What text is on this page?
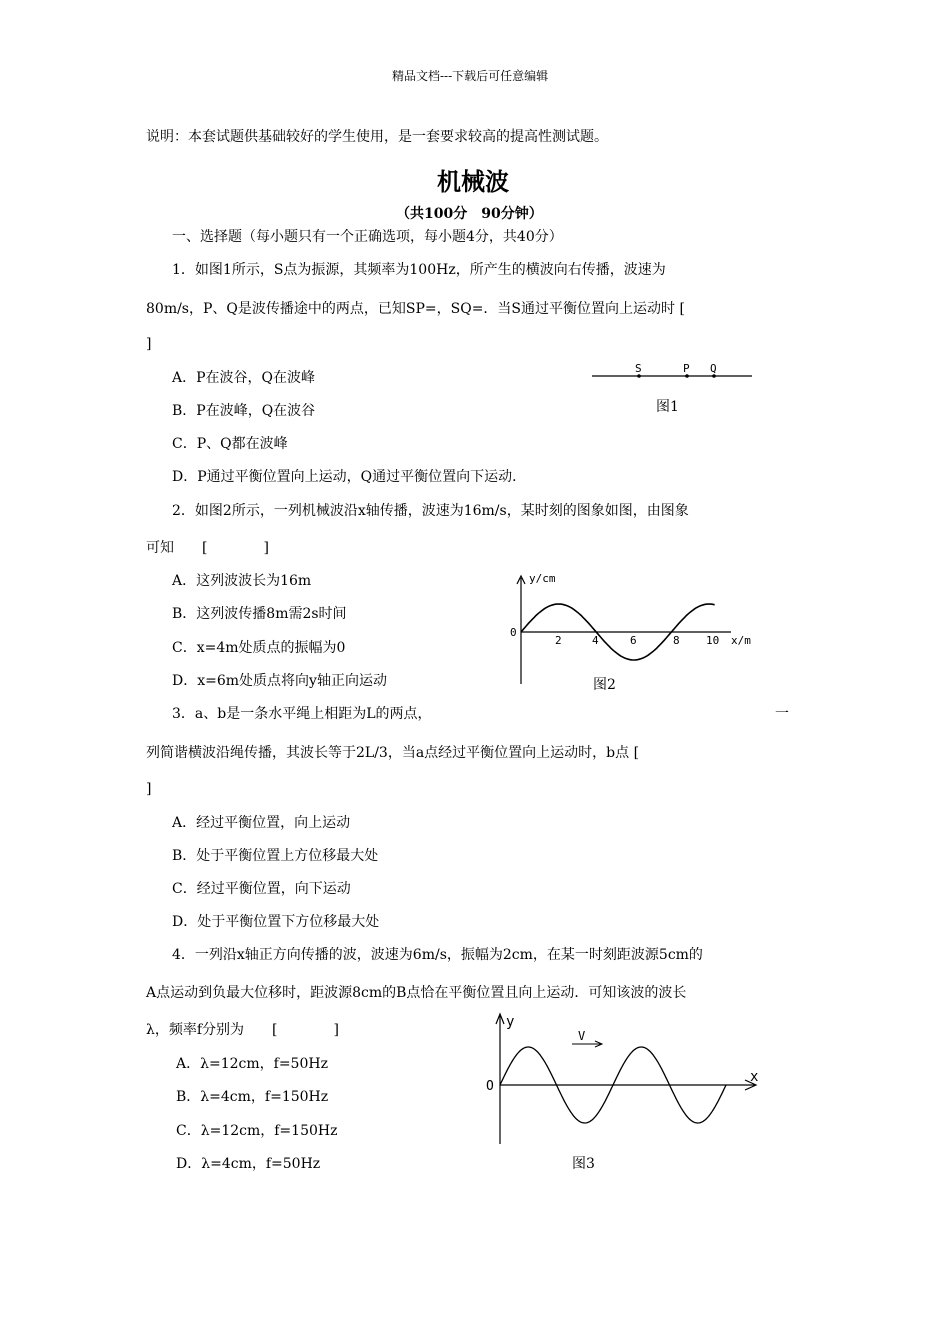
精品文档---下载后可任意编辑
说明：本套试题供基础较好的学生使用，是一套要求较高的提高性测试题。
机械波
（共100分　90分钟）
一、选择题（每小题只有一个正确选项，每小题4分，共40分）
1．如图1所示，S点为振源，其频率为100Hz，所产生的横波向右传播，波速为
80m/s，P、Q是波传播途中的两点，已知SP=，SQ=．当S通过平衡位置向上运动时 [
]
A．P在波谷，Q在波峰
B．P在波峰，Q在波谷
C．P、Q都在波峰
D．P通过平衡位置向上运动，Q通过平衡位置向下运动．
S	P Q
图1
2．如图2所示，一列机械波沿x轴传播，波速为16m/s，某时刻的图象如图，由图象
可知　　[　　　　]
A．这列波波长为16m
B．这列波传播8m需2s时间
C．x=4m处质点的振幅为0
D．x=6m处质点将向y轴正向运动
y/cm
x/m
0
2	4	6	8 10
图2
3．a、b是一条水平绳上相距为L的两点，	一
列简谐横波沿绳传播，其波长等于2L/3，当a点经过平衡位置向上运动时，b点 [
]
A．经过平衡位置，向上运动
B．处于平衡位置上方位移最大处
C．经过平衡位置，向下运动
D．处于平衡位置下方位移最大处
4．一列沿x轴正方向传播的波，波速为6m/s，振幅为2cm，在某一时刻距波源5cm的
A点运动到负最大位移时，距波源8cm的B点恰在平衡位置且向上运动．可知该波的波长
λ，频率f分别为　　[　　　　]
A．λ=12cm，f=50Hz
B．λ=4cm，f=150Hz
C．λ=12cm，f=150Hz
D．λ=4cm，f=50Hz
V
y
x
O
图3
